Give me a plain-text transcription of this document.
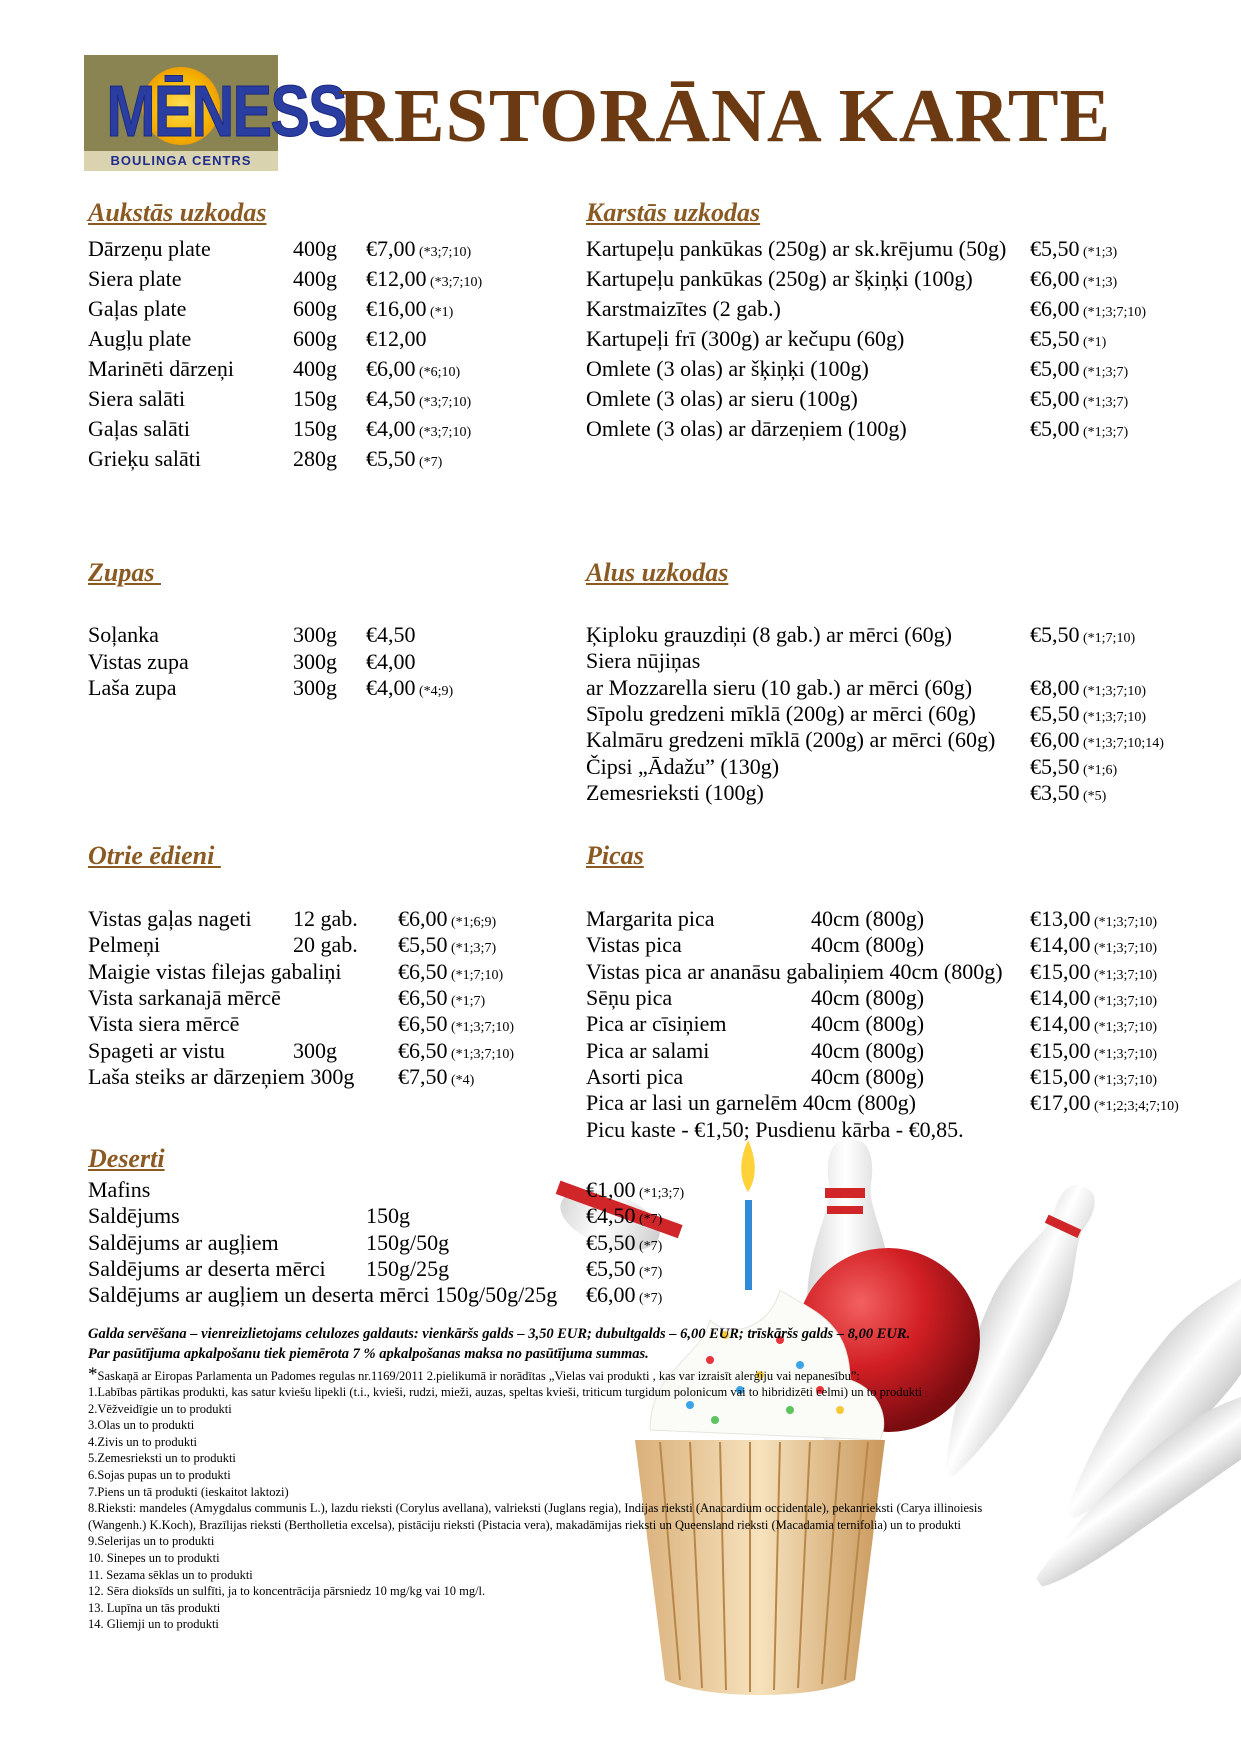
MĒNESS
BOULINGA CENTRS
RESTORĀNA KARTE
Aukstās uzkodas	Karstās uzkodas
Zupas	Alus uzkodas
Otrie ēdieni	Picas
Deserti
Dārzeņu plate	400g €7,00 (*3;7;10)
Siera plate	400g €12,00 (*3;7;10)
Gaļas plate	600g €16,00 (*1)
Augļu plate	600g €12,00
Marinēti dārzeņi	400g €6,00 (*6;10)
Siera salāti	150g €4,50 (*3;7;10)
Gaļas salāti	150g €4,00 (*3;7;10)
Grieķu salāti	280g €5,50 (*7)
Kartupeļu pankūkas (250g) ar sk.krējumu (50g) €5,50 (*1;3)
Kartupeļu pankūkas (250g) ar šķiņķi (100g)	€6,00 (*1;3)
Karstmaizītes (2 gab.)	€6,00 (*1;3;7;10)
Kartupeļi frī (300g) ar kečupu (60g)	€5,50 (*1)
Omlete (3 olas) ar šķiņķi (100g)	€5,00 (*1;3;7)
Omlete (3 olas) ar sieru (100g)	€5,00 (*1;3;7)
Omlete (3 olas) ar dārzeņiem (100g)	€5,00 (*1;3;7)
Soļanka	300g €4,50
Vistas zupa	300g €4,00
Laša zupa	300g €4,00 (*4;9)
Ķiploku grauzdiņi (8 gab.) ar mērci (60g)	€5,50 (*1;7;10)
Siera nūjiņas
ar Mozzarella sieru (10 gab.) ar mērci (60g)	€8,00 (*1;3;7;10)
Sīpolu gredzeni mīklā (200g) ar mērci (60g) €5,50 (*1;3;7;10)
Kalmāru gredzeni mīklā (200g) ar mērci (60g) €6,00 (*1;3;7;10;14)
Čipsi „Ādažu” (130g)	€5,50 (*1;6)
Zemesrieksti (100g)	€3,50 (*5)
Vistas gaļas nageti 12 gab. €6,00 (*1;6;9)
Pelmeņi	20 gab. €5,50 (*1;3;7)
Maigie vistas filejas gabaliņi	€6,50 (*1;7;10)
Vista sarkanajā mērcē	€6,50 (*1;7)
Vista siera mērcē	€6,50 (*1;3;7;10)
Spageti ar vistu	300g	€6,50 (*1;3;7;10)
Laša steiks ar dārzeņiem 300g €7,50 (*4)
Margarita pica	40cm (800g)	€13,00 (*1;3;7;10)
Vistas pica	40cm (800g)	€14,00 (*1;3;7;10)
Vistas pica ar ananāsu gabaliņiem 40cm (800g) €15,00 (*1;3;7;10)
Sēņu pica	40cm (800g)	€14,00 (*1;3;7;10)
Pica ar cīsiņiem	40cm (800g)	€14,00 (*1;3;7;10)
Pica ar salami	40cm (800g)	€15,00 (*1;3;7;10)
Asorti pica	40cm (800g)	€15,00 (*1;3;7;10)
Pica ar lasi un garnelēm 40cm (800g)	€17,00 (*1;2;3;4;7;10)
Mafins	€1,00 (*1;3;7)
Saldējums	150g	€4,50 (*7)
Saldējums ar augļiem	150g/50g	€5,50 (*7)
Saldējums ar deserta mērci 150g/25g	€5,50 (*7)
Saldējums ar augļiem un deserta mērci 150g/50g/25g €6,00 (*7)
Picu kaste - €1,50; Pusdienu kārba - €0,85.
Galda servēšana – vienreizlietojams celulozes galdauts: vienkāršs galds – 3,50 EUR; dubultgalds – 6,00 EUR; trīskāršs galds – 8,00 EUR.
Par pasūtījuma apkalpošanu tiek piemērota 7 % apkalpošanas maksa no pasūtījuma summas.
*Saskaņā ar Eiropas Parlamenta un Padomes regulas nr.1169/2011 2.pielikumā ir norādītas „Vielas vai produkti , kas var izraisīt alerģiju vai nepanesību”:
1.Labības pārtikas produkti, kas satur kviešu lipekli (t.i., kvieši, rudzi, mieži, auzas, speltas kvieši, triticum turgidum polonicum vai to hibridizēti celmi) un to produkti
2.Vēžveidīgie un to produkti
3.Olas un to produkti
4.Zivis un to produkti
5.Zemesrieksti un to produkti
6.Sojas pupas un to produkti
7.Piens un tā produkti (ieskaitot laktozi)
8.Rieksti: mandeles (Amygdalus communis L.), lazdu rieksti (Corylus avellana), valrieksti (Juglans regia), Indijas rieksti (Anacardium occidentale), pekanrieksti (Carya illinoiesis
(Wangenh.) K.Koch), Brazīlijas rieksti (Bertholletia excelsa), pistāciju rieksti (Pistacia vera), makadāmijas rieksti un Queensland rieksti (Macadamia ternifolia) un to produkti
9.Selerijas un to produkti
10. Sinepes un to produkti
11. Sezama sēklas un to produkti
12. Sēra dioksīds un sulfīti, ja to koncentrācija pārsniedz 10 mg/kg vai 10 mg/l.
13. Lupīna un tās produkti
14. Gliemji un to produkti
